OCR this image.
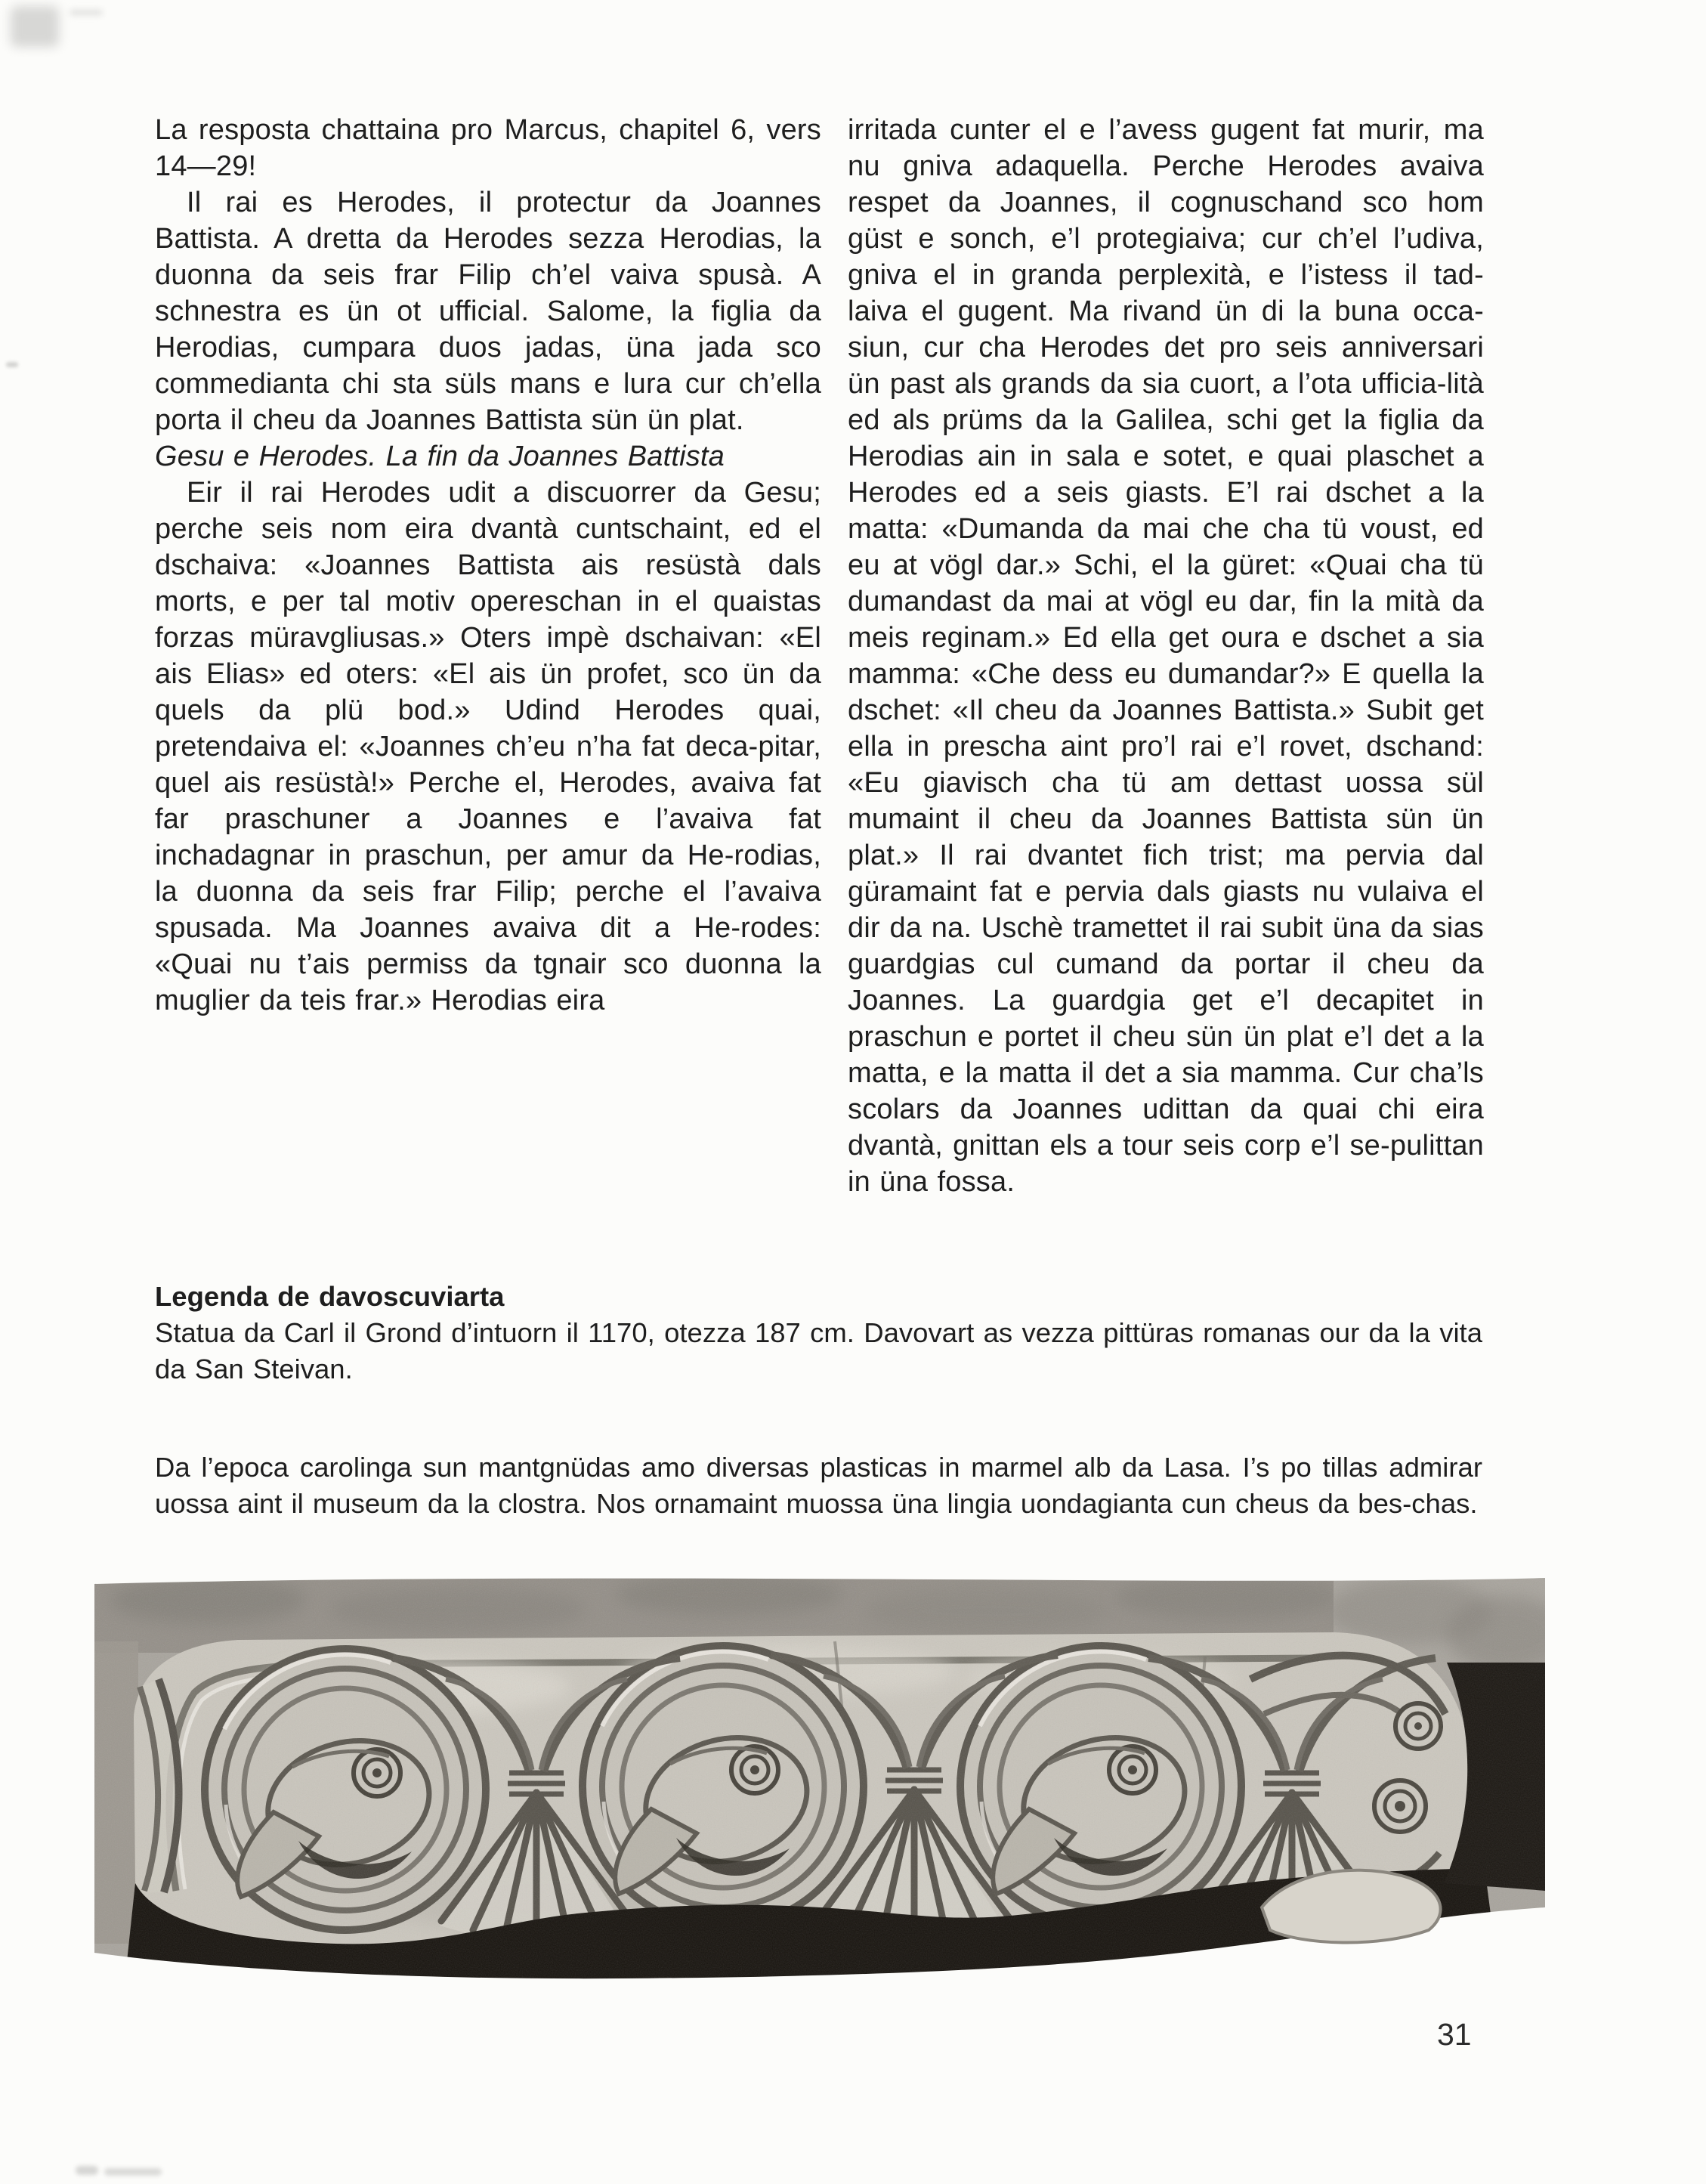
La resposta chattaina pro Marcus, chapitel 6, vers 14—29!

Il rai es Herodes, il protectur da Joannes Battista. A dretta da Herodes sezza Herodias, la duonna da seis frar Filip ch’el vaiva spusà. A schnestra es ün ot ufficial. Salome, la figlia da Herodias, cumpara duos jadas, üna jada sco commedianta chi sta süls mans e lura cur ch’ella porta il cheu da Joannes Battista sün ün plat.

Gesu e Herodes. La fin da Joannes Battista

Eir il rai Herodes udit a discuorrer da Gesu; perche seis nom eira dvantà cuntschaint, ed el dschaiva: «Joannes Battista ais resüstà dals morts, e per tal motiv opereschan in el quaistas forzas müravgliusas.» Oters impè dschaivan: «El ais Elias» ed oters: «El ais ün profet, sco ün da quels da plü bod.» Udind Herodes quai, pretendaiva el: «Joannes ch’eu n’ha fat deca-pitar, quel ais resüstà!» Perche el, Herodes, avaiva fat far praschuner a Joannes e l’avaiva fat inchadagnar in praschun, per amur da He-rodias, la duonna da seis frar Filip; perche el l’avaiva spusada. Ma Joannes avaiva dit a He-rodes: «Quai nu t’ais permiss da tgnair sco duonna la muglier da teis frar.» Herodias eira

irritada cunter el e l’avess gugent fat murir, ma nu gniva adaquella. Perche Herodes avaiva respet da Joannes, il cognuschand sco hom güst e sonch, e’l protegiaiva; cur ch’el l’udiva, gniva el in granda perplexità, e l’istess il tad-laiva el gugent. Ma rivand ün di la buna occa-siun, cur cha Herodes det pro seis anniversari ün past als grands da sia cuort, a l’ota ufficia-lità ed als prüms da la Galilea, schi get la figlia da Herodias ain in sala e sotet, e quai plaschet a Herodes ed a seis giasts. E’l rai dschet a la matta: «Dumanda da mai che cha tü voust, ed eu at vögl dar.» Schi, el la güret: «Quai cha tü dumandast da mai at vögl eu dar, fin la mità da meis reginam.» Ed ella get oura e dschet a sia mamma: «Che dess eu dumandar?» E quella la dschet: «Il cheu da Joannes Battista.» Subit get ella in prescha aint pro’l rai e’l rovet, dschand: «Eu giavisch cha tü am dettast uossa sül mumaint il cheu da Joannes Battista sün ün plat.» Il rai dvantet fich trist; ma pervia dal güramaint fat e pervia dals giasts nu vulaiva el dir da na. Uschè tramettet il rai subit üna da sias guardgias cul cumand da portar il cheu da Joannes. La guardgia get e’l decapitet in praschun e portet il cheu sün ün plat e’l det a la matta, e la matta il det a sia mamma. Cur cha’ls scolars da Joannes udittan da quai chi eira dvantà, gnittan els a tour seis corp e’l se-pulittan in üna fossa.

Legenda de davoscuviarta
Statua da Carl il Grond d’intuorn il 1170, otezza 187 cm. Davovart as vezza pittüras romanas our da la vita da San Steivan.

Da l’epoca carolinga sun mantgnüdas amo diversas plasticas in marmel alb da Lasa. I’s po tillas admirar uossa aint il museum da la clostra. Nos ornamaint muossa üna lingia uondagianta cun cheus da bes-chas.

31
